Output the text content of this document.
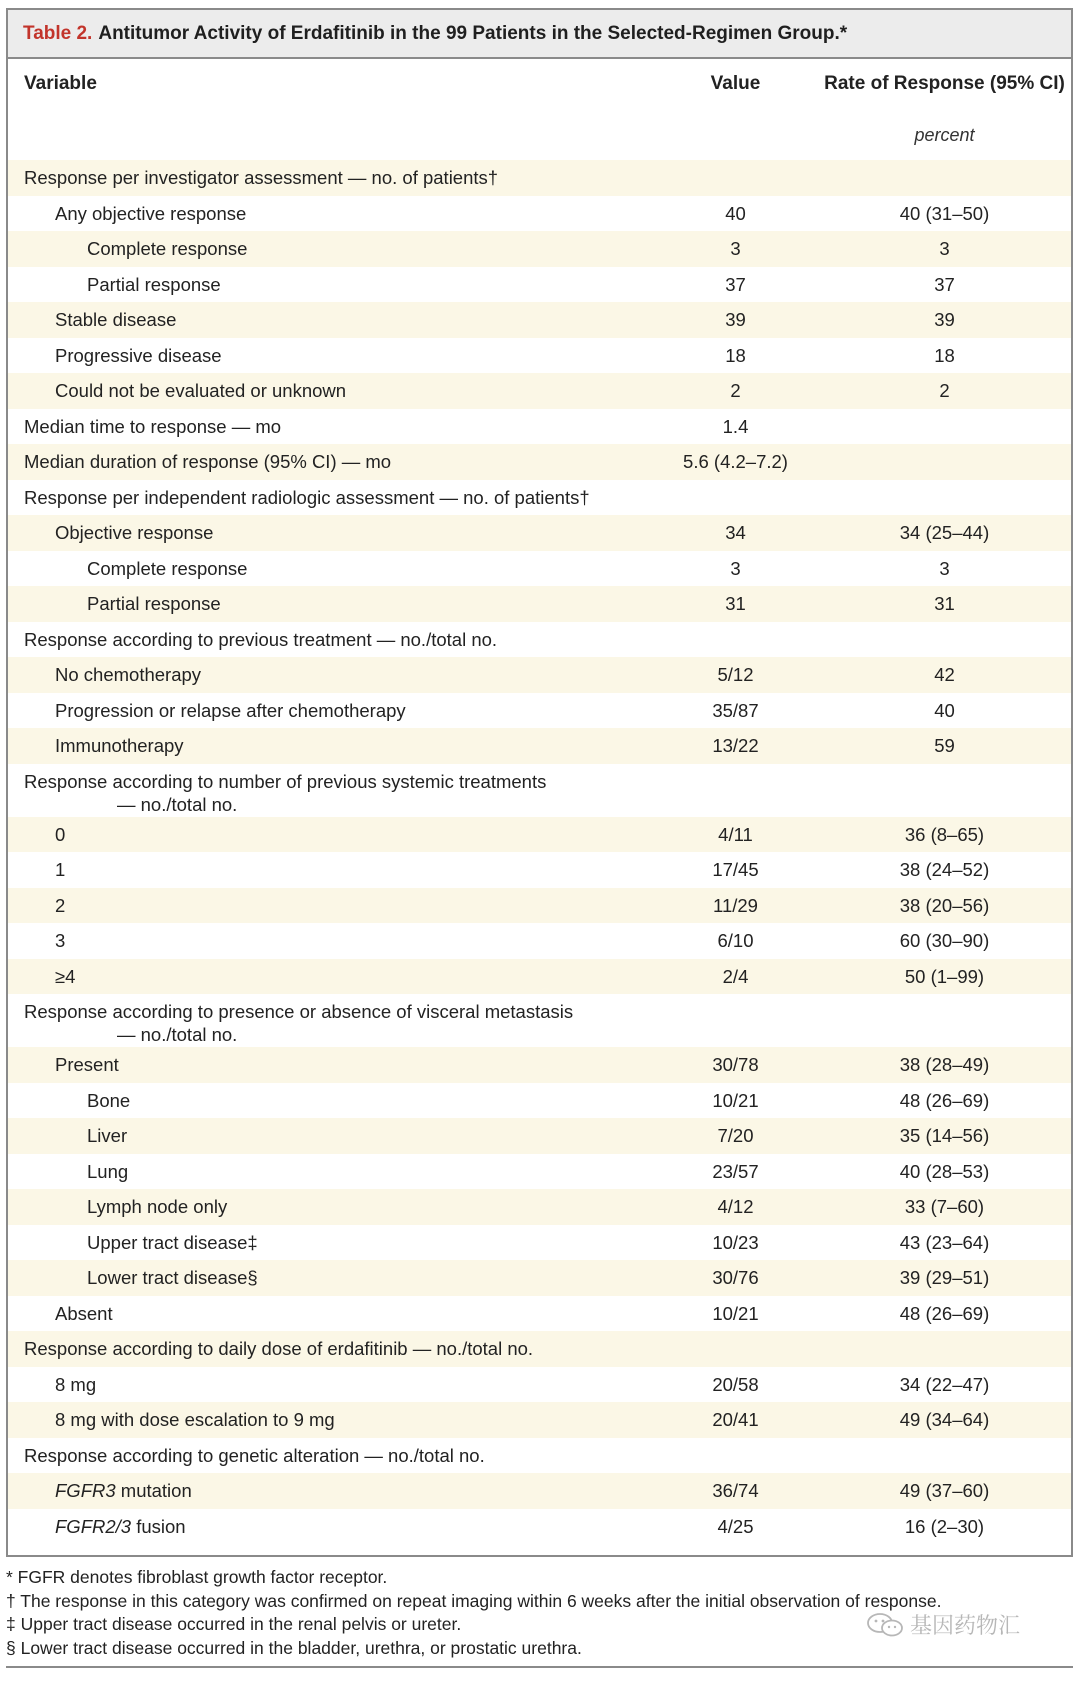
Table 2. Antitumor Activity of Erdafitinib in the 99 Patients in the Selected-Regimen Group.*
Variable	Value	Rate of Response (95% CI)
percent
Response per investigator assessment — no. of patients†
Any objective response	40	40 (31–50)
Complete response	3	3
Partial response	37	37
Stable disease	39	39
Progressive disease	18	18
Could not be evaluated or unknown	2	2
Median time to response — mo	1.4
Median duration of response (95% CI) — mo	5.6 (4.2–7.2)
Response per independent radiologic assessment — no. of patients†
Objective response	34	34 (25–44)
Complete response	3	3
Partial response	31	31
Response according to previous treatment — no./total no.
No chemotherapy	5/12	42
Progression or relapse after chemotherapy	35/87	40
Immunotherapy	13/22	59
Response according to number of previous systemic treatments
— no./total no.
0	4/11	36 (8–65)
1	17/45	38 (24–52)
2	11/29	38 (20–56)
3	6/10	60 (30–90)
≥4	2/4	50 (1–99)
Response according to presence or absence of visceral metastasis
— no./total no.
Present	30/78	38 (28–49)
Bone	10/21	48 (26–69)
Liver	7/20	35 (14–56)
Lung	23/57	40 (28–53)
Lymph node only	4/12	33 (7–60)
Upper tract disease‡	10/23	43 (23–64)
Lower tract disease§	30/76	39 (29–51)
Absent	10/21	48 (26–69)
Response according to daily dose of erdafitinib — no./total no.
8 mg	20/58	34 (22–47)
8 mg with dose escalation to 9 mg	20/41	49 (34–64)
Response according to genetic alteration — no./total no.
FGFR3 mutation	36/74	49 (37–60)
FGFR2/3 fusion	4/25	16 (2–30)
* FGFR denotes fibroblast growth factor receptor.
† The response in this category was confirmed on repeat imaging within 6 weeks after the initial observation of response.
‡ Upper tract disease occurred in the renal pelvis or ureter.
§ Lower tract disease occurred in the bladder, urethra, or prostatic urethra.
基因药物汇
